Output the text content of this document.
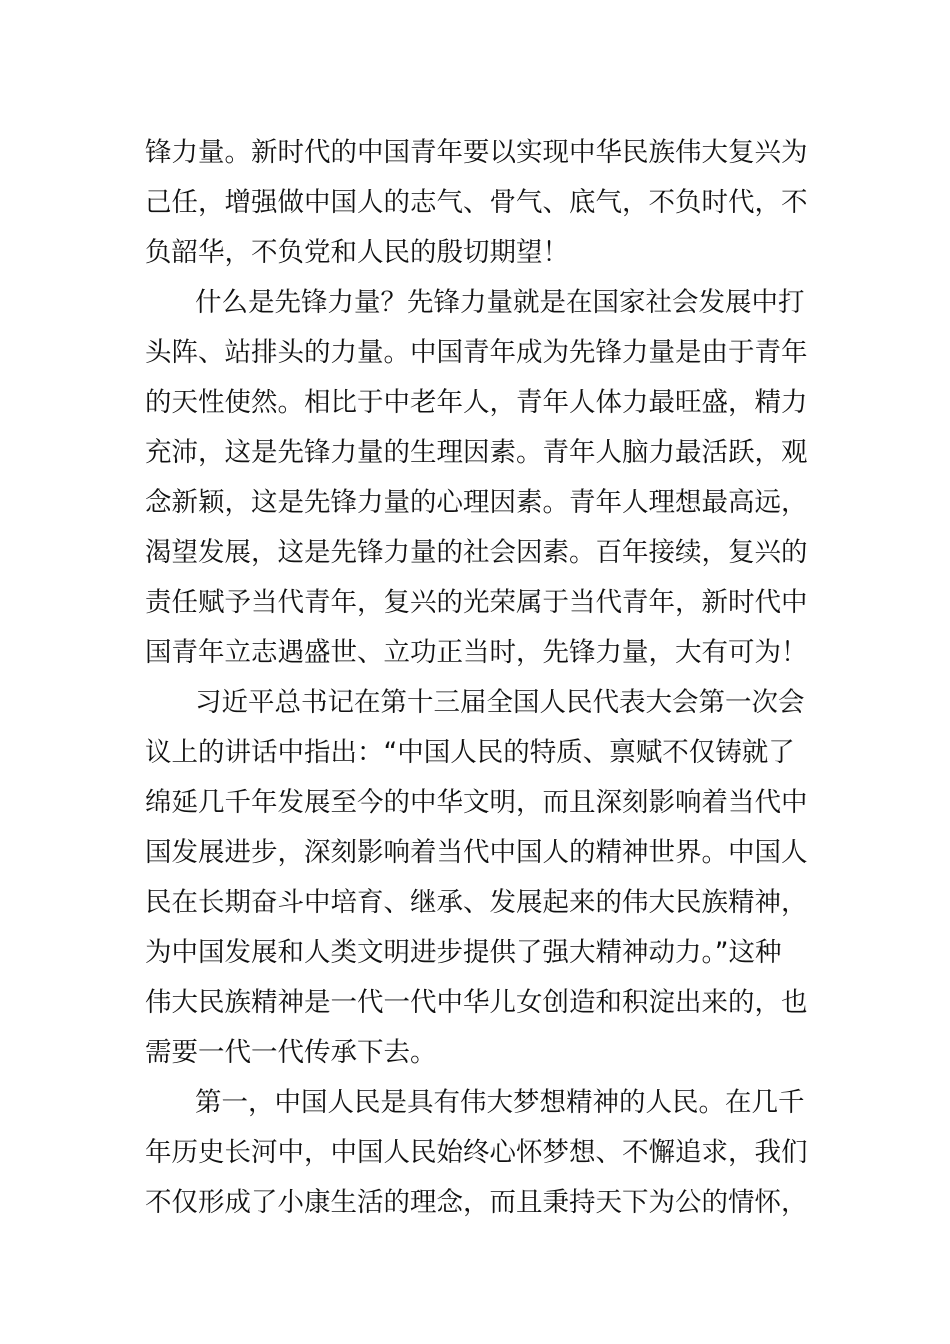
锋力量。新时代的中国青年要以实现中华民族伟大复兴为
己任，增强做中国人的志气、骨气、底气，不负时代，不
负韶华，不负党和人民的殷切期望！

什么是先锋力量？先锋力量就是在国家社会发展中打
头阵、站排头的力量。中国青年成为先锋力量是由于青年
的天性使然。相比于中老年人，青年人体力最旺盛，精力
充沛，这是先锋力量的生理因素。青年人脑力最活跃，观
念新颖，这是先锋力量的心理因素。青年人理想最高远，
渴望发展，这是先锋力量的社会因素。百年接续，复兴的
责任赋予当代青年，复兴的光荣属于当代青年，新时代中
国青年立志遇盛世、立功正当时，先锋力量，大有可为！

习近平总书记在第十三届全国人民代表大会第一次会
议上的讲话中指出：“中国人民的特质、禀赋不仅铸就了
绵延几千年发展至今的中华文明，而且深刻影响着当代中
国发展进步，深刻影响着当代中国人的精神世界。中国人
民在长期奋斗中培育、继承、发展起来的伟大民族精神，
为中国发展和人类文明进步提供了强大精神动力。”这种
伟大民族精神是一代一代中华儿女创造和积淀出来的，也
需要一代一代传承下去。

第一，中国人民是具有伟大梦想精神的人民。在几千
年历史长河中，中国人民始终心怀梦想、不懈追求，我们
不仅形成了小康生活的理念，而且秉持天下为公的情怀，
